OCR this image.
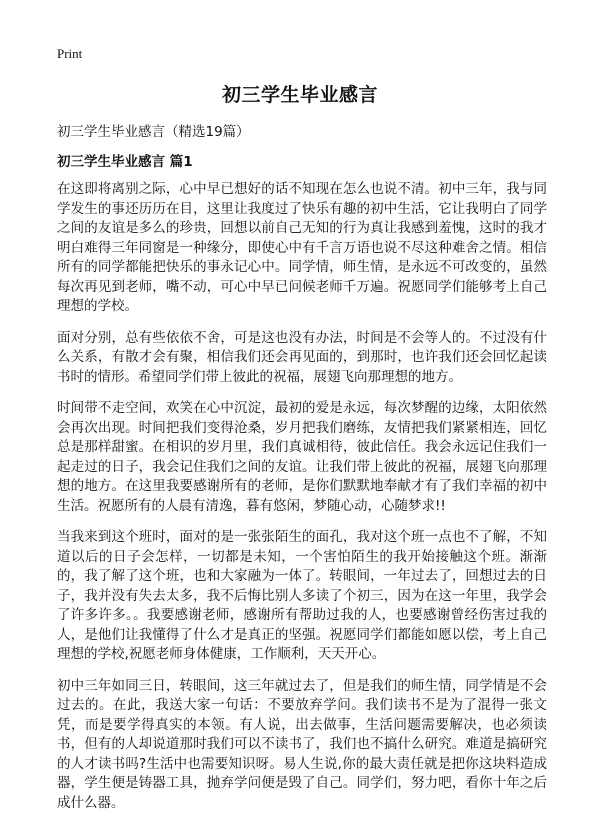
Print
初三学生毕业感言
初三学生毕业感言（精选19篇）
初三学生毕业感言 篇1

在这即将离别之际，心中早已想好的话不知现在怎么也说不清。初中三年，我与同学发生的事还历历在目，这里让我度过了快乐有趣的初中生活，它让我明白了同学之间的友谊是多么的珍贵，回想以前自己无知的行为真让我感到羞愧，这时的我才明白难得三年同窗是一种缘分，即使心中有千言万语也说不尽这种难舍之情。相信所有的同学都能把快乐的事永记心中。同学情，师生情，是永远不可改变的，虽然每次再见到老师，嘴不动，可心中早已问候老师千万遍。祝愿同学们能够考上自己理想的学校。

面对分别，总有些依依不舍，可是这也没有办法，时间是不会等人的。不过没有什么关系，有散才会有聚，相信我们还会再见面的，到那时，也许我们还会回忆起读书时的情形。希望同学们带上彼此的祝福，展翅飞向那理想的地方。

时间带不走空间，欢笑在心中沉淀，最初的爱是永远，每次梦醒的边缘，太阳依然会再次出现。时间把我们变得沧桑，岁月把我们磨练，友情把我们紧紧相连，回忆总是那样甜蜜。在相识的岁月里，我们真诚相待，彼此信任。我会永远记住我们一起走过的日子，我会记住我们之间的友谊。让我们带上彼此的祝福，展翅飞向那理想的地方。在这里我要感谢所有的老师，是你们默默地奉献才有了我们幸福的初中生活。祝愿所有的人晨有清逸，暮有悠闲，梦随心动，心随梦求!!

当我来到这个班时，面对的是一张张陌生的面孔，我对这个班一点也不了解，不知道以后的日子会怎样，一切都是未知，一个害怕陌生的我开始接触这个班。渐渐的，我了解了这个班，也和大家融为一体了。转眼间，一年过去了，回想过去的日子，我并没有失去太多，我不后悔比别人多读了个初三，因为在这一年里，我学会了许多许多。。我要感谢老师，感谢所有帮助过我的人，也要感谢曾经伤害过我的人，是他们让我懂得了什么才是真正的坚强。祝愿同学们都能如愿以偿，考上自己理想的学校,祝愿老师身体健康，工作顺利，天天开心。

初中三年如同三日，转眼间，这三年就过去了，但是我们的师生情，同学情是不会过去的。在此，我送大家一句话：不要放弃学问。我们读书不是为了混得一张文凭，而是要学得真实的本领。有人说，出去做事，生活问题需要解决，也必须读书，但有的人却说道那时我们可以不读书了，我们也不搞什么研究。难道是搞研究的人才读书吗?生活中也需要知识呀。易人生说,你的最大责任就是把你这块料造成器，学生便是铸器工具，抛弃学问便是毁了自己。同学们，努力吧，看你十年之后成什么器。
